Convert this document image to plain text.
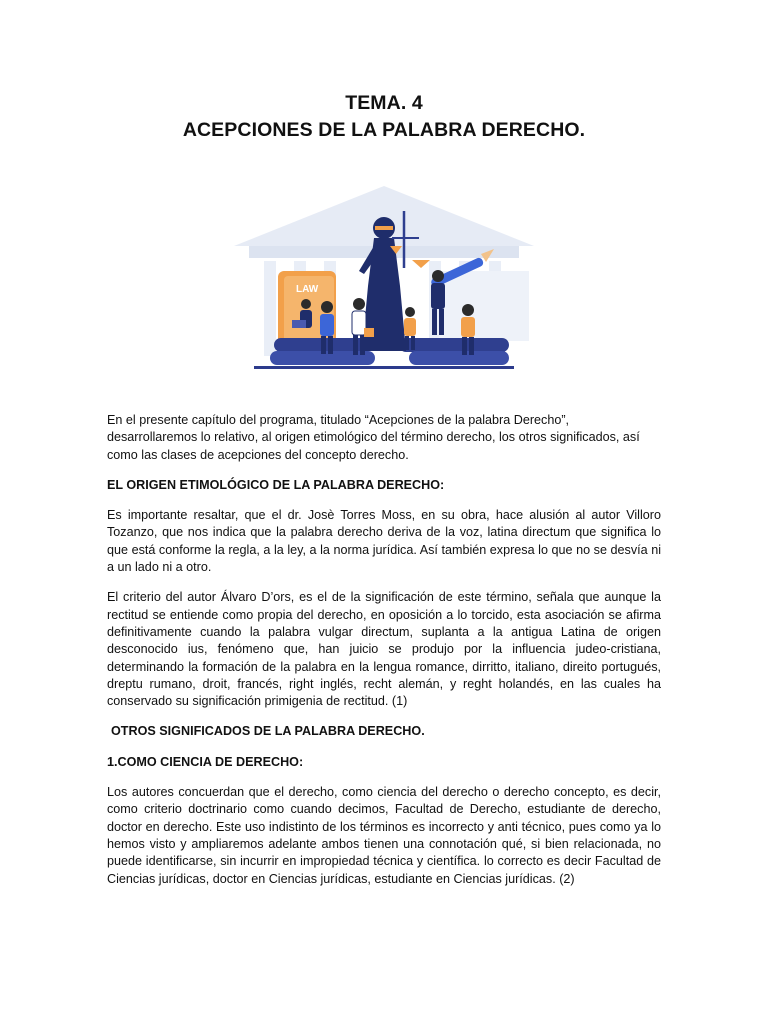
TEMA. 4
ACEPCIONES DE LA PALABRA DERECHO.
LAW

En el presente capítulo del programa, titulado “Acepciones de la palabra Derecho”, desarrollaremos lo relativo, al origen etimológico del término derecho, los otros significados, así como las clases de acepciones del concepto derecho.

EL ORIGEN ETIMOLÓGICO DE LA PALABRA DERECHO:

Es importante resaltar, que el dr. Josè Torres Moss, en su obra, hace alusión al autor Villoro Tozanzo, que nos indica que la palabra derecho deriva de la voz, latina directum que significa lo que está conforme la regla, a la ley, a la norma jurídica. Así también expresa lo que no se desvía ni a un lado ni a otro.

El criterio del autor Álvaro D’ors, es el de la significación de este término, señala que aunque la rectitud se entiende como propia del derecho, en oposición a lo torcido, esta asociación se afirma definitivamente cuando la palabra vulgar directum, suplanta a la antigua Latina de origen desconocido ius, fenómeno que, han juicio se produjo por la influencia judeo-cristiana, determinando la formación de la palabra en la lengua romance, dirritto, italiano, direito portugués, dreptu rumano, droit, francés, right inglés, recht alemán, y reght holandés, en las cuales ha conservado su significación primigenia de rectitud. (1)

OTROS SIGNIFICADOS DE LA PALABRA DERECHO.
1.COMO CIENCIA DE DERECHO:

Los autores concuerdan que el derecho, como ciencia del derecho o derecho concepto, es decir, como criterio doctrinario como cuando decimos, Facultad de Derecho, estudiante de derecho, doctor en derecho. Este uso indistinto de los términos es incorrecto y anti técnico, pues como ya lo hemos visto y ampliaremos adelante ambos tienen una connotación qué, si bien relacionada, no puede identificarse, sin incurrir en impropiedad técnica y científica. lo correcto es decir Facultad de Ciencias jurídicas, doctor en Ciencias jurídicas, estudiante en Ciencias jurídicas. (2)
